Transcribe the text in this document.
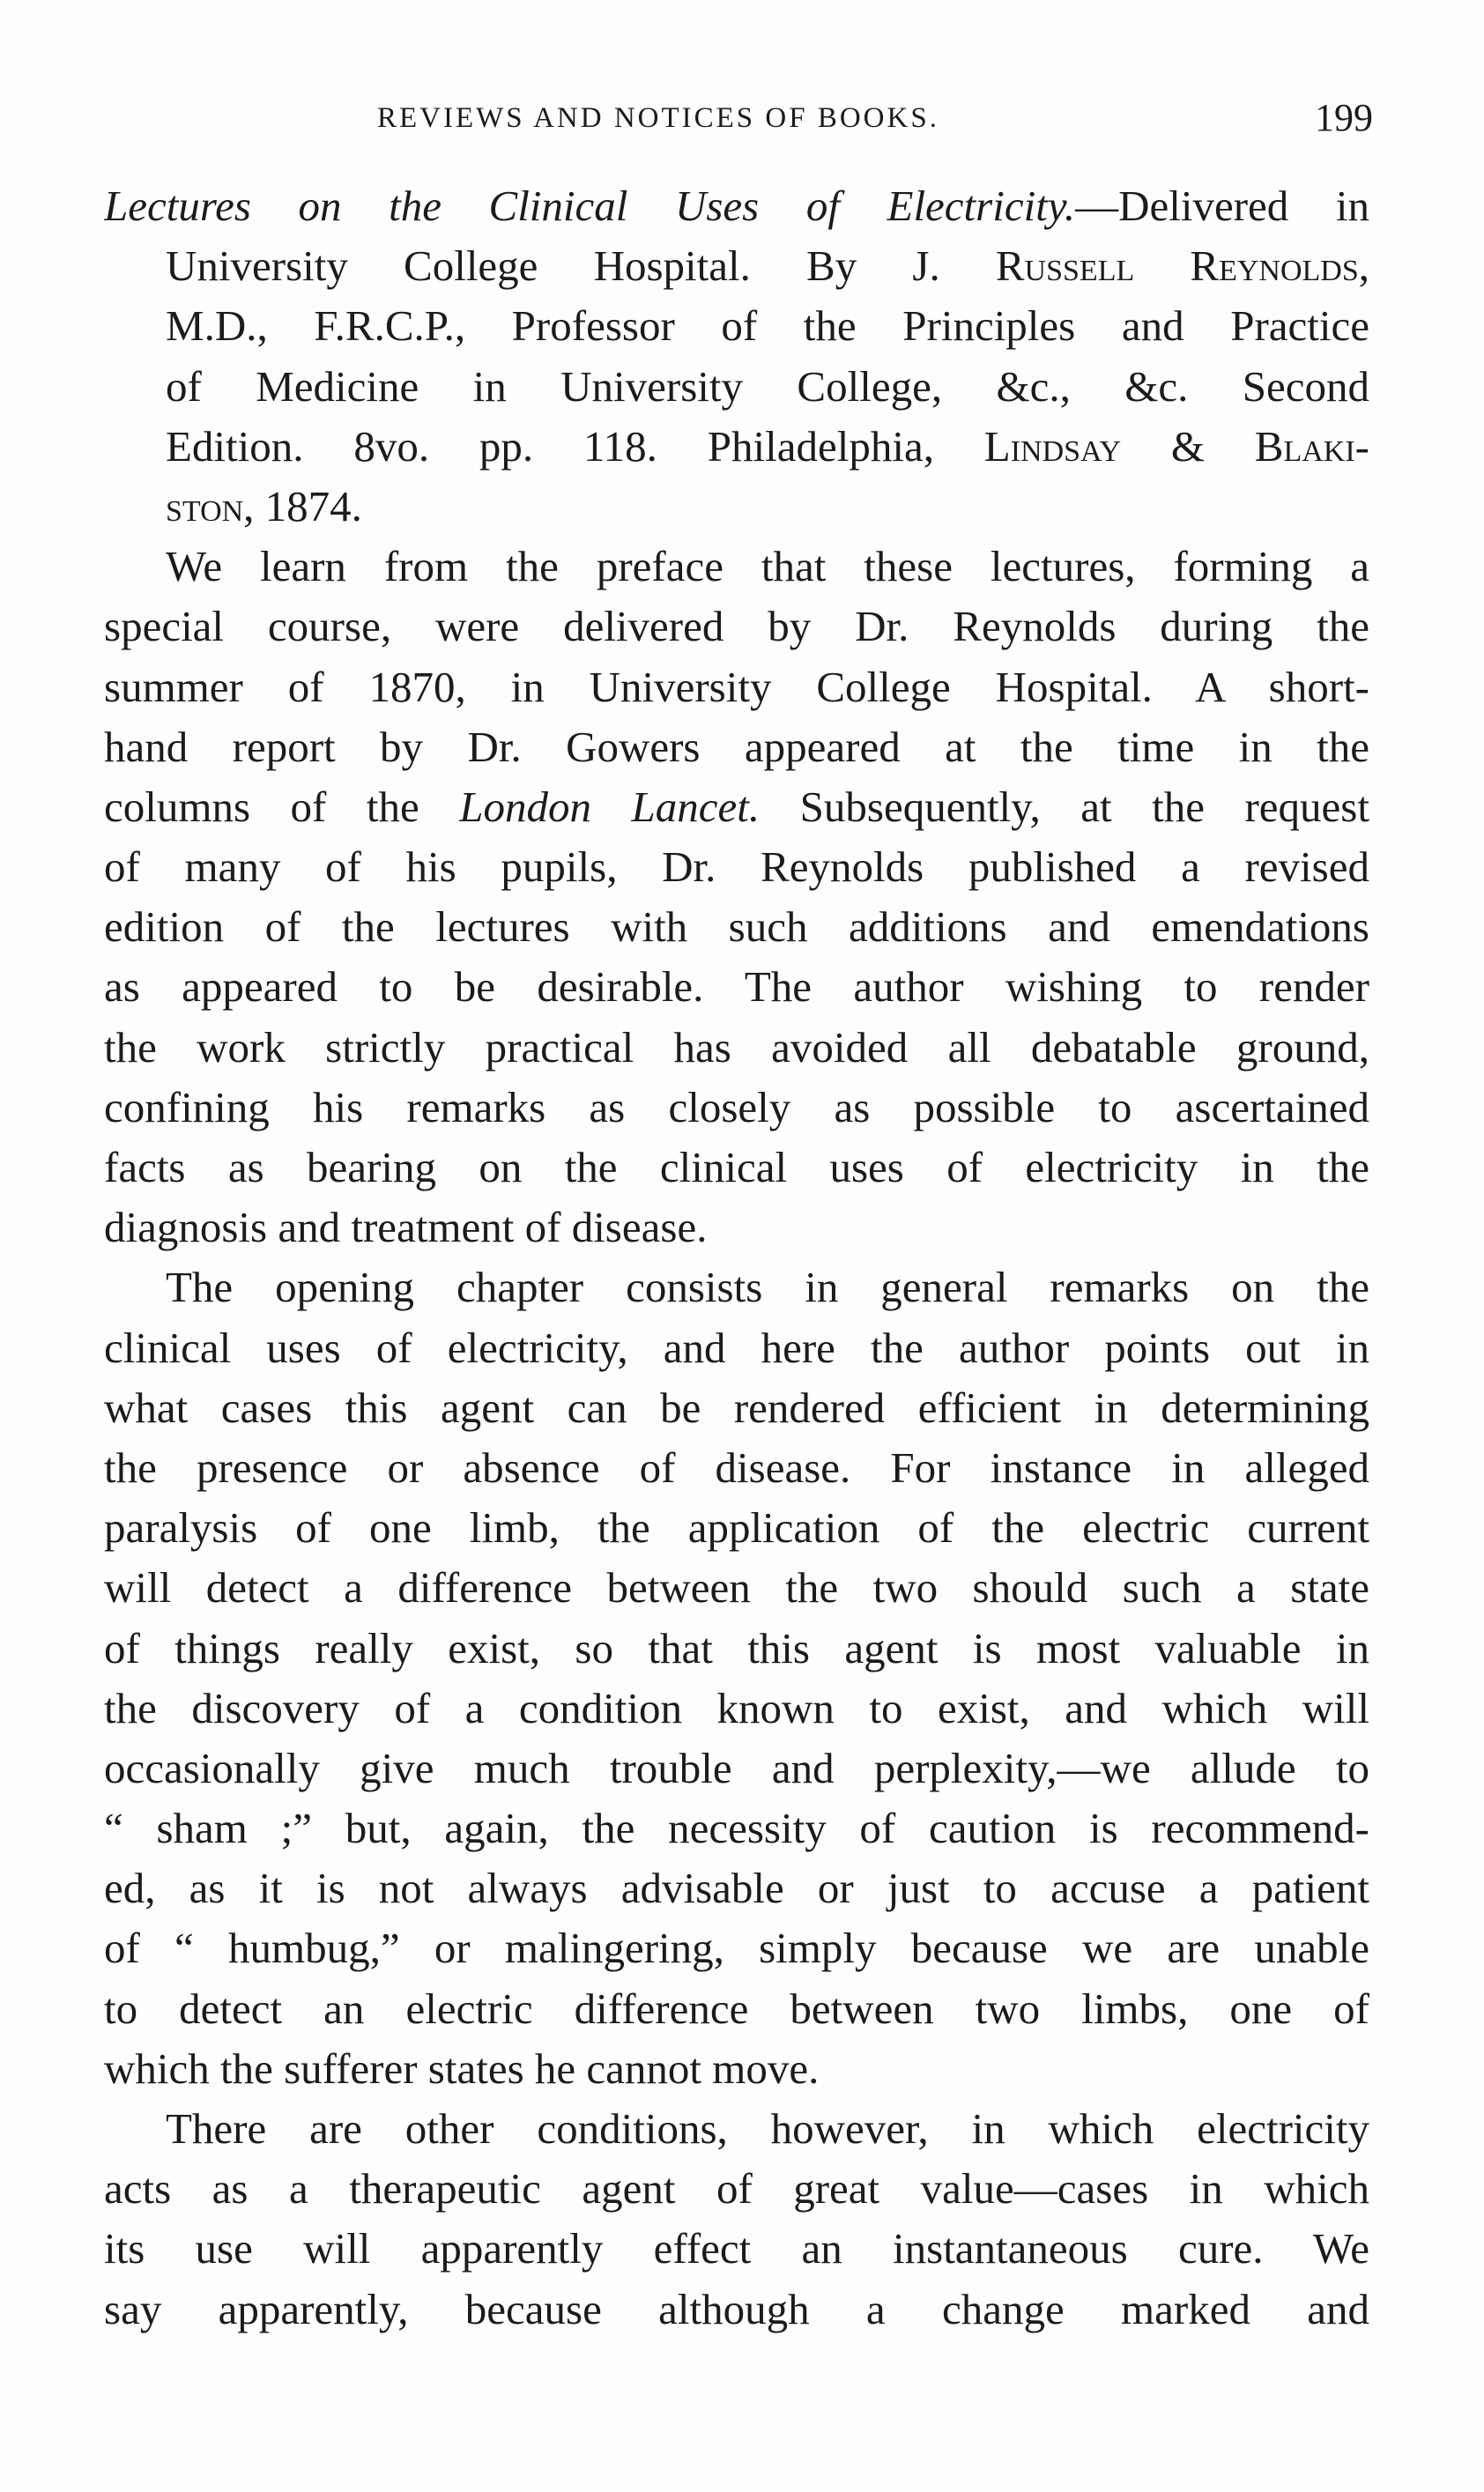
REVIEWS AND NOTICES OF BOOKS.	199
Lectures on the Clinical Uses of Electricity.—Delivered in
University College Hospital. By J. Russell Reynolds,
M.D., F.R.C.P., Professor of the Principles and Practice
of Medicine in University College, &c., &c. Second
Edition. 8vo. pp. 118. Philadelphia, Lindsay & Blaki-
ston, 1874.
We learn from the preface that these lectures, forming a
special course, were delivered by Dr. Reynolds during the
summer of 1870, in University College Hospital. A short-
hand report by Dr. Gowers appeared at the time in the
columns of the London Lancet. Subsequently, at the request
of many of his pupils, Dr. Reynolds published a revised
edition of the lectures with such additions and emendations
as appeared to be desirable. The author wishing to render
the work strictly practical has avoided all debatable ground,
confining his remarks as closely as possible to ascertained
facts as bearing on the clinical uses of electricity in the
diagnosis and treatment of disease.
The opening chapter consists in general remarks on the
clinical uses of electricity, and here the author points out in
what cases this agent can be rendered efficient in determining
the presence or absence of disease. For instance in alleged
paralysis of one limb, the application of the electric current
will detect a difference between the two should such a state
of things really exist, so that this agent is most valuable in
the discovery of a condition known to exist, and which will
occasionally give much trouble and perplexity,—we allude to
“ sham ;” but, again, the necessity of caution is recommend-
ed, as it is not always advisable or just to accuse a patient
of “ humbug,” or malingering, simply because we are unable
to detect an electric difference between two limbs, one of
which the sufferer states he cannot move.
There are other conditions, however, in which electricity
acts as a therapeutic agent of great value—cases in which
its use will apparently effect an instantaneous cure. We
say apparently, because although a change marked and
